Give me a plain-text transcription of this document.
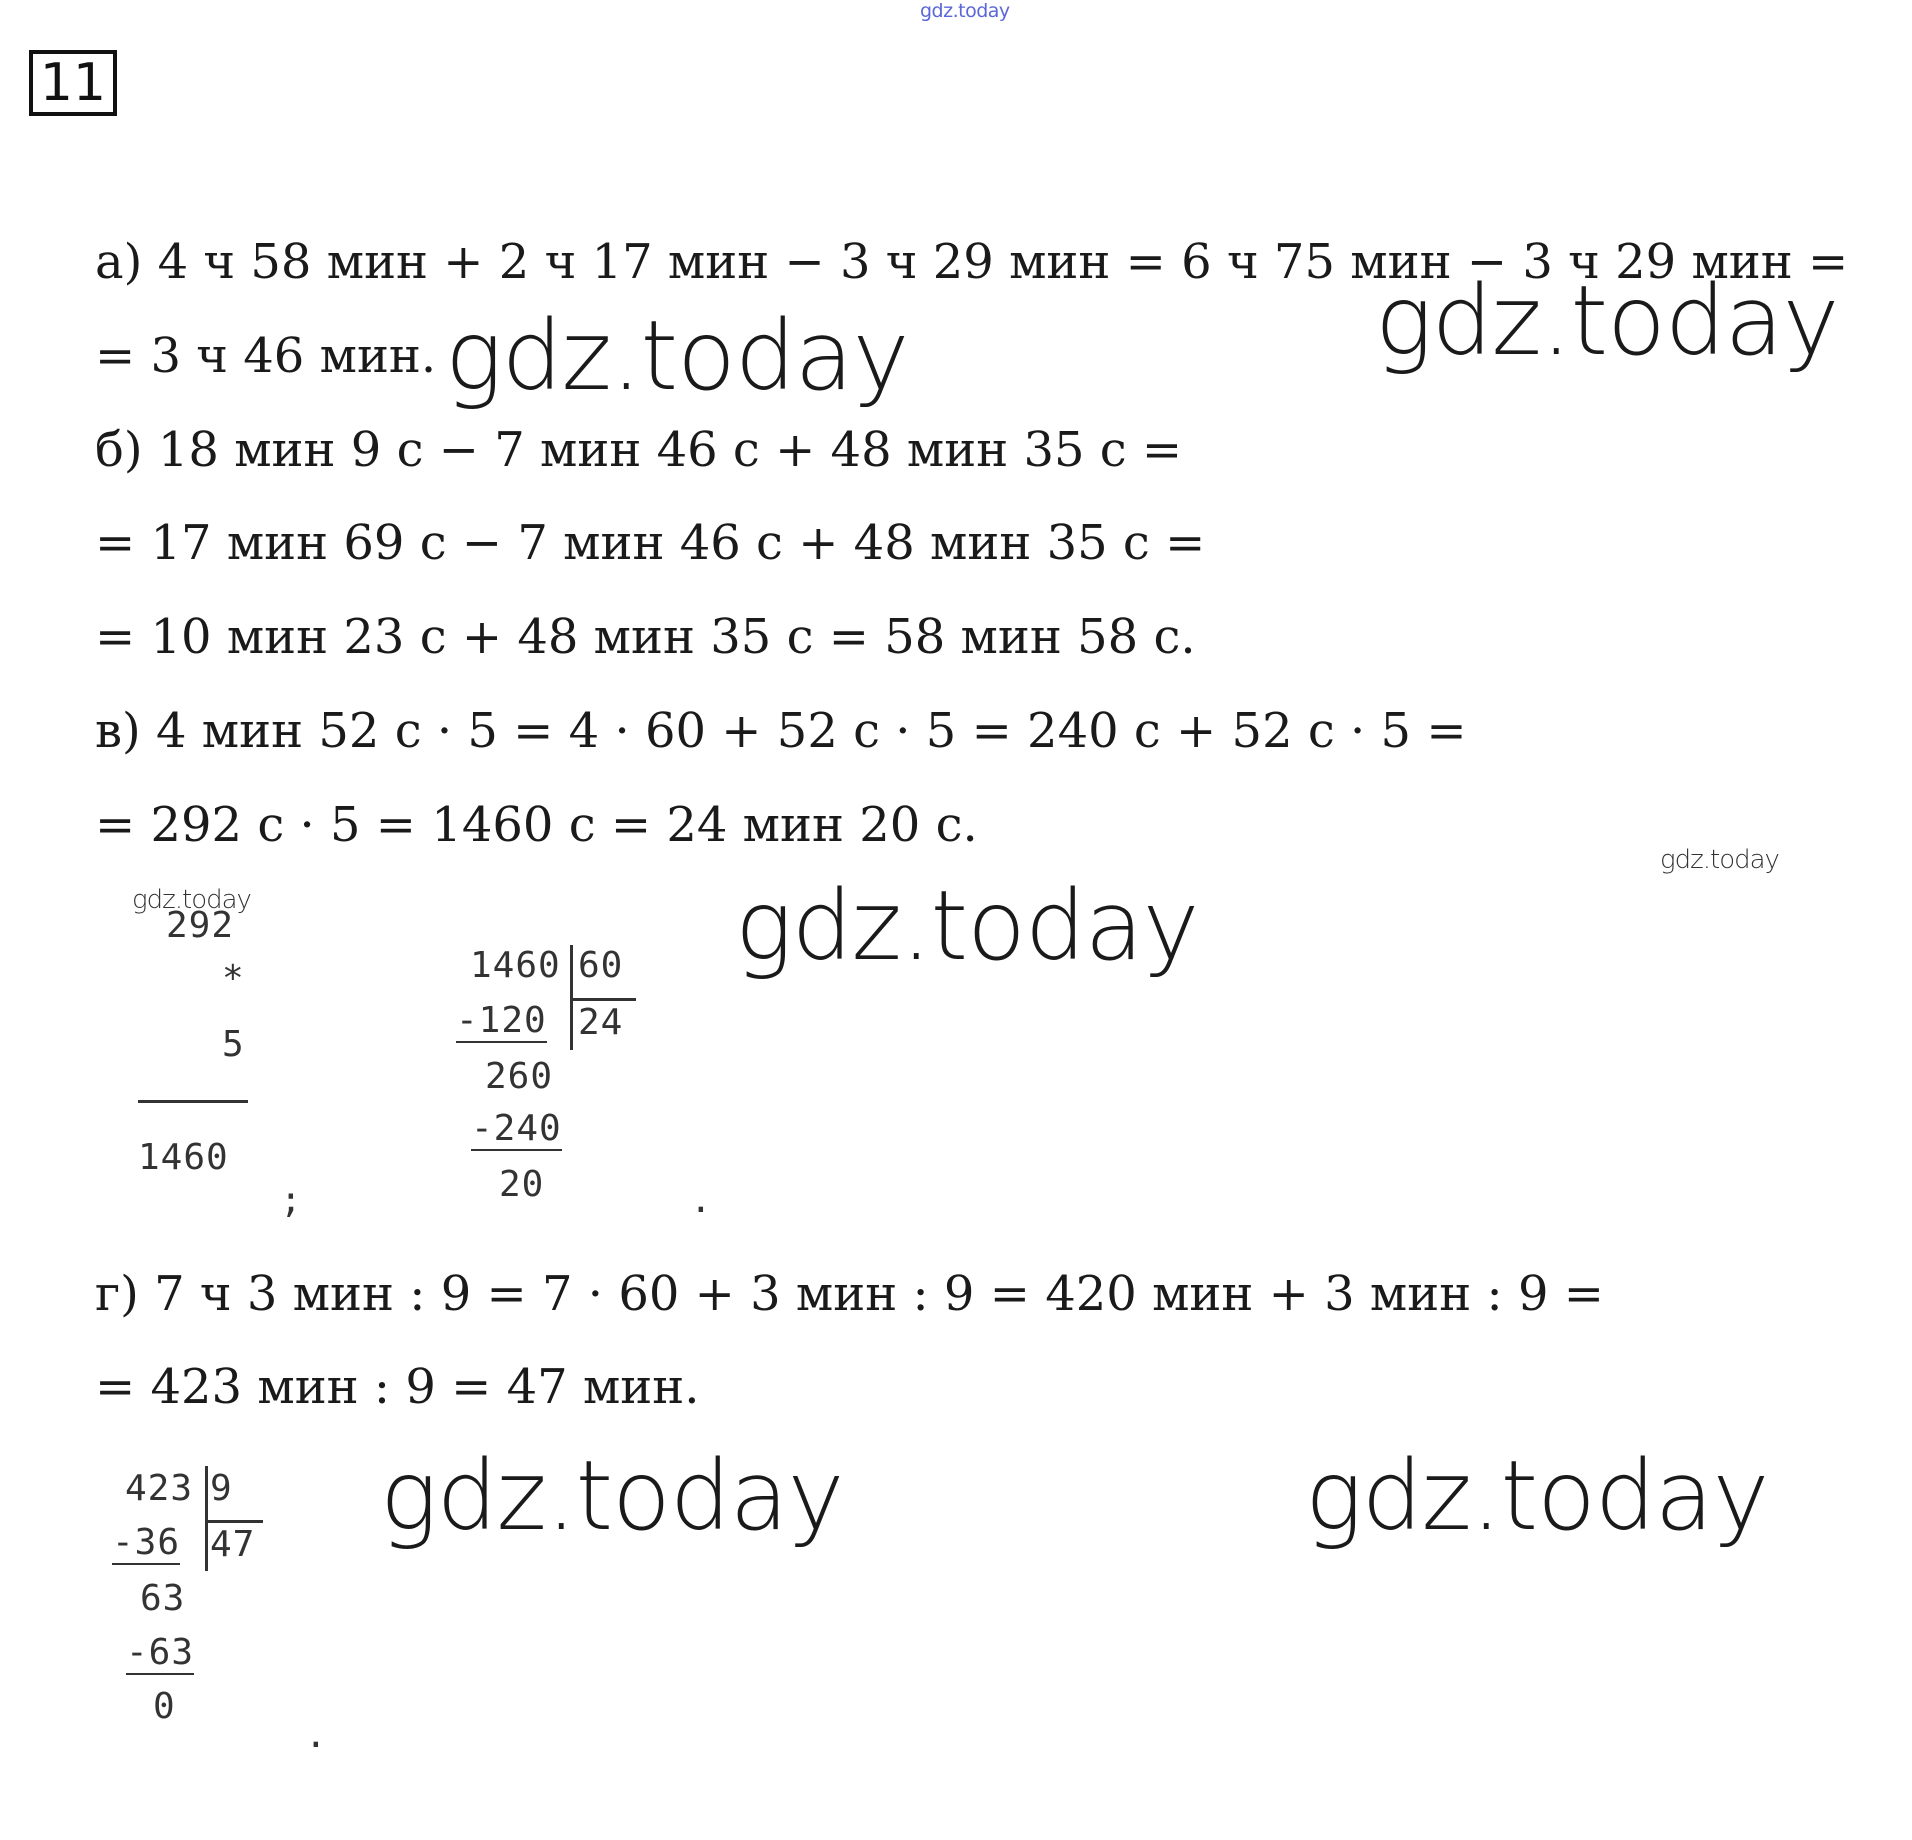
gdz.today
11
а) 4 ч 58 мин + 2 ч 17 мин − 3 ч 29 мин = 6 ч 75 мин − 3 ч 29 мин =
= 3 ч 46 мин.
б) 18 мин 9 с − 7 мин 46 с + 48 мин 35 с =
= 17 мин 69 с − 7 мин 46 с + 48 мин 35 с =
= 10 мин 23 с + 48 мин 35 с = 58 мин 58 с.
в) 4 мин 52 с · 5 = 4 · 60 + 52 с · 5 = 240 с + 52 с · 5 =
= 292 с · 5 = 1460 с = 24 мин 20 с.
г) 7 ч 3 мин : 9 = 7 · 60 + 3 мин : 9 = 420 мин + 3 мин : 9 =
= 423 мин : 9 = 47 мин.
gdz.today	gdz.today
gdz.today
gdz.today	gdz.today
gdz.today
gdz.today
292
*
5
1460
;
1460 60
24
-120
260
-240
20	.
423 9
47
-36
63
-63
0
.
